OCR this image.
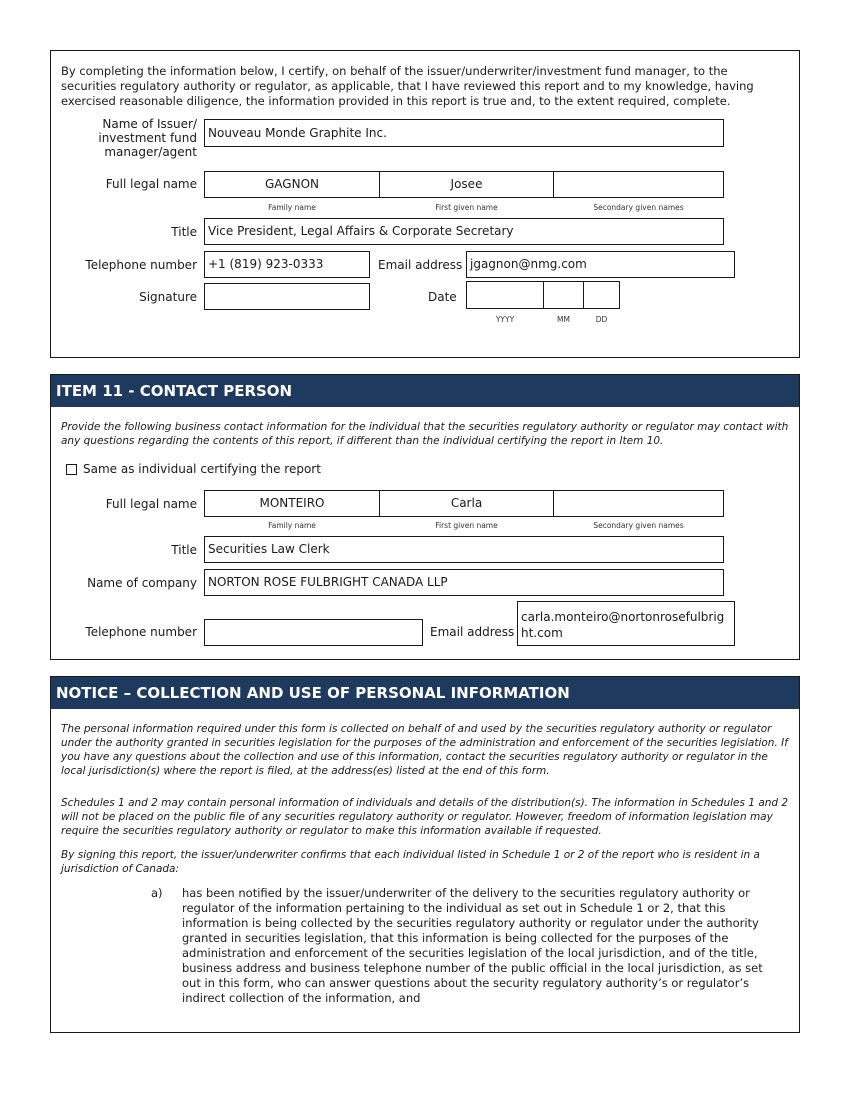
By completing the information below, I certify, on behalf of the issuer/underwriter/investment fund manager, to the securities regulatory authority or regulator, as applicable, that I have reviewed this report and to my knowledge, having exercised reasonable diligence, the information provided in this report is true and, to the extent required, complete.
Name of Issuer/
investment fund
manager/agent
Nouveau Monde Graphite Inc.
Full legal name	GAGNON	Josee
Family name	First given name	Secondary given names
Title Vice President, Legal Affairs & Corporate Secretary
Telephone number +1 (819) 923-0333	Email address jgagnon@nmg.com
Signature	Date
YYYY	MM	DD
ITEM 11 - CONTACT PERSON
Provide the following business contact information for the individual that the securities regulatory authority or regulator may contact with any questions regarding the contents of this report, if different than the individual certifying the report in Item 10.
Same as individual certifying the report
Full legal name	MONTEIRO	Carla
Family name	First given name	Secondary given names
Title Securities Law Clerk
Name of company NORTON ROSE FULBRIGHT CANADA LLP
Telephone number	Email address
carla.monteiro@nortonrosefulbrig
ht.com
NOTICE – COLLECTION AND USE OF PERSONAL INFORMATION
The personal information required under this form is collected on behalf of and used by the securities regulatory authority or regulator under the authority granted in securities legislation for the purposes of the administration and enforcement of the securities legislation. If you have any questions about the collection and use of this information, contact the securities regulatory authority or regulator in the local jurisdiction(s) where the report is filed, at the address(es) listed at the end of this form.
Schedules 1 and 2 may contain personal information of individuals and details of the distribution(s). The information in Schedules 1 and 2 will not be placed on the public file of any securities regulatory authority or regulator. However, freedom of information legislation may require the securities regulatory authority or regulator to make this information available if requested.
By signing this report, the issuer/underwriter confirms that each individual listed in Schedule 1 or 2 of the report who is resident in a jurisdiction of Canada:
a) has been notified by the issuer/underwriter of the delivery to the securities regulatory authority or regulator of the information pertaining to the individual as set out in Schedule 1 or 2, that this information is being collected by the securities regulatory authority or regulator under the authority granted in securities legislation, that this information is being collected for the purposes of the administration and enforcement of the securities legislation of the local jurisdiction, and of the title, business address and business telephone number of the public official in the local jurisdiction, as set out in this form, who can answer questions about the security regulatory authority’s or regulator’s indirect collection of the information, and
